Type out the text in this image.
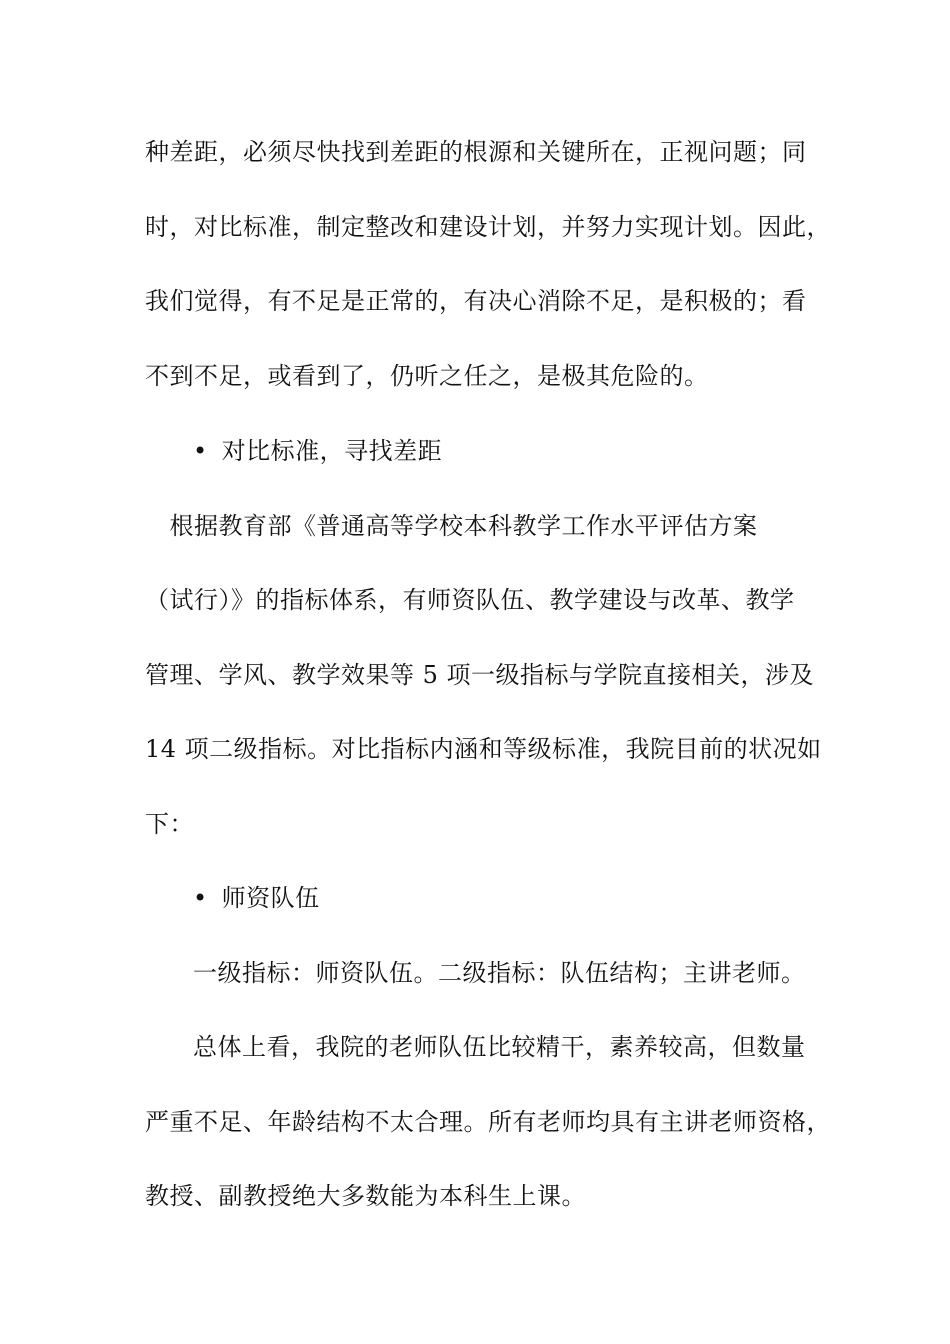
种差距，必须尽快找到差距的根源和关键所在，正视问题；同
时，对比标准，制定整改和建设计划，并努力实现计划。因此，
我们觉得，有不足是正常的，有决心消除不足，是积极的；看
不到不足，或看到了，仍听之任之，是极其危险的。
• 对比标准，寻找差距
　根据教育部《普通高等学校本科教学工作水平评估方案
（试行）》的指标体系，有师资队伍、教学建设与改革、教学
管理、学风、教学效果等 5 项一级指标与学院直接相关，涉及
14 项二级指标。对比指标内涵和等级标准，我院目前的状况如
下：
• 师资队伍
一级指标：师资队伍。二级指标：队伍结构；主讲老师。
总体上看，我院的老师队伍比较精干，素养较高，但数量
严重不足、年龄结构不太合理。所有老师均具有主讲老师资格，
教授、副教授绝大多数能为本科生上课。
